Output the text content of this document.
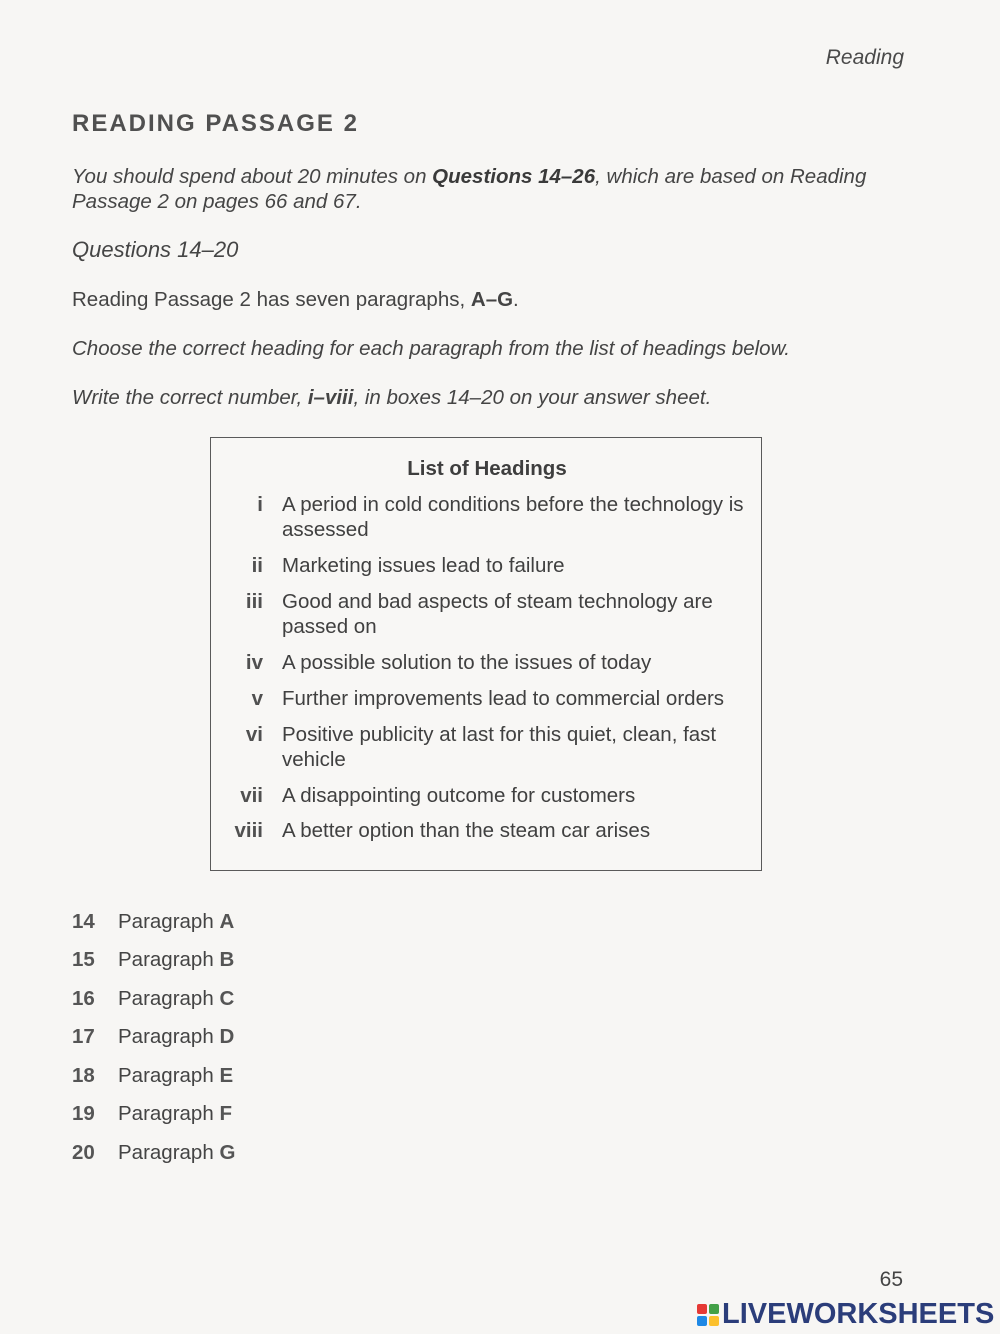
Reading
READING PASSAGE 2
You should spend about 20 minutes on Questions 14–26, which are based on Reading Passage 2 on pages 66 and 67.
Questions 14–20
Reading Passage 2 has seven paragraphs, A–G.
Choose the correct heading for each paragraph from the list of headings below.
Write the correct number, i–viii, in boxes 14–20 on your answer sheet.
List of Headings
i A period in cold conditions before the technology is assessed
ii Marketing issues lead to failure
iii Good and bad aspects of steam technology are passed on
iv A possible solution to the issues of today
v Further improvements lead to commercial orders
vi Positive publicity at last for this quiet, clean, fast vehicle
vii A disappointing outcome for customers
viii A better option than the steam car arises
14 Paragraph A
15 Paragraph B
16 Paragraph C
17 Paragraph D
18 Paragraph E
19 Paragraph F
20 Paragraph G
65
LIVEWORKSHEETS
